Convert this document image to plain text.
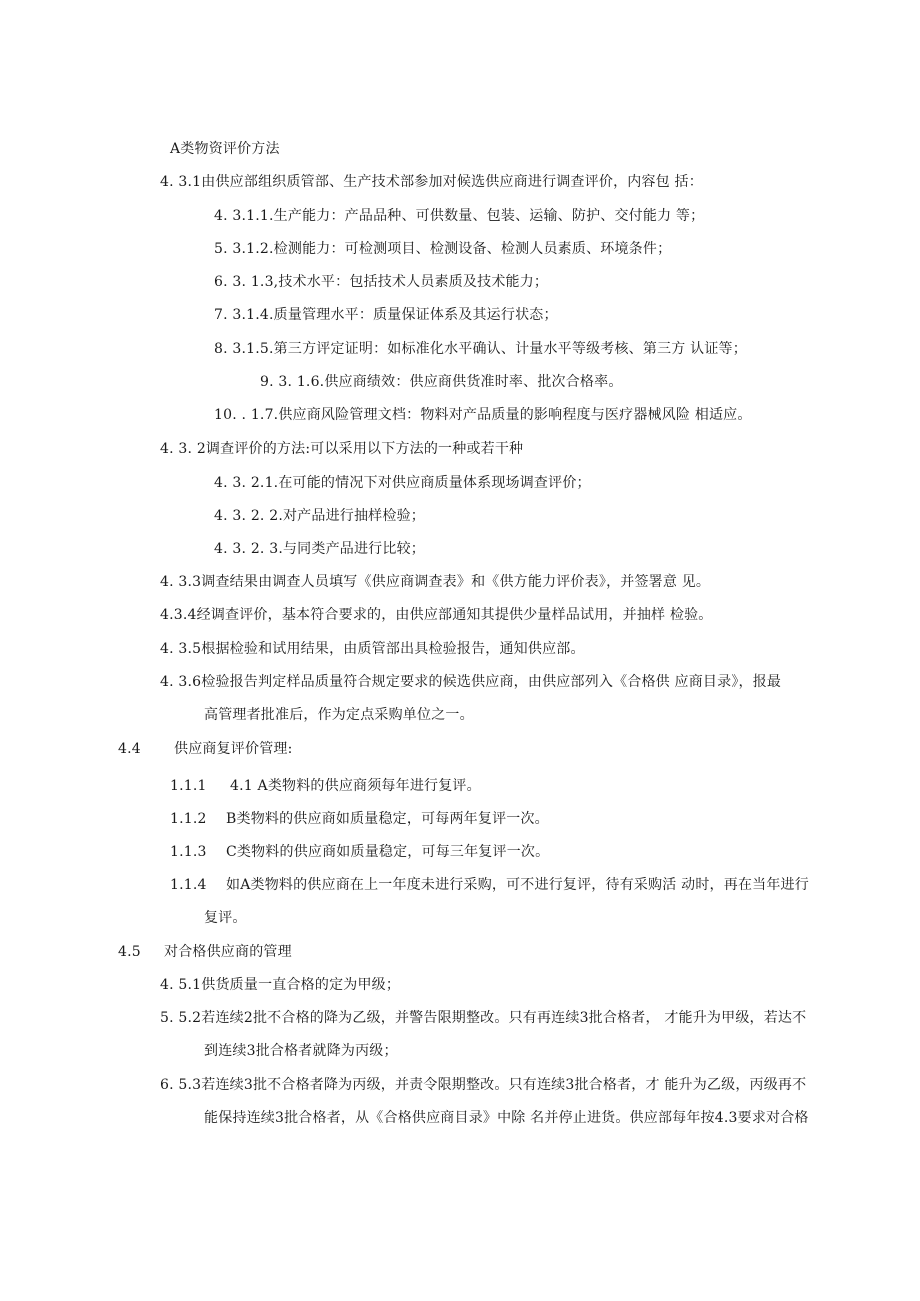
A类物资评价方法
4. 3.1由供应部组织质管部、生产技术部参加对候选供应商进行调查评价，内容包 括：
4. 3.1.1.生产能力：产品品种、可供数量、包装、运输、防护、交付能力 等；
5. 3.1.2.检测能力：可检测项目、检测设备、检测人员素质、环境条件；
6. 3. 1.3,技术水平：包括技术人员素质及技术能力；
7. 3.1.4.质量管理水平：质量保证体系及其运行状态；
8. 3.1.5.第三方评定证明：如标准化水平确认、计量水平等级考核、第三方 认证等；
9. 3. 1.6.供应商绩效：供应商供货准时率、批次合格率。
10. . 1.7.供应商风险管理文档：物料对产品质量的影响程度与医疗器械风险 相适应。
4. 3. 2调查评价的方法:可以采用以下方法的一种或若干种
4. 3. 2.1.在可能的情况下对供应商质量体系现场调查评价；
4. 3. 2. 2.对产品进行抽样检验；
4. 3. 2. 3.与同类产品进行比较；
4. 3.3调查结果由调查人员填写《供应商调查表》和《供方能力评价表》，并签署意 见。
4.3.4经调查评价，基本符合要求的，由供应部通知其提供少量样品试用，并抽样 检验。
4. 3.5根据检验和试用结果，由质管部出具检验报告，通知供应部。
4. 3.6检验报告判定样品质量符合规定要求的候选供应商，由供应部列入《合格供 应商目录》，报最
高管理者批准后，作为定点采购单位之一。
4.4 供应商复评价管理:
1.1.1 4.1 A类物料的供应商须每年进行复评。
1.1.2 B类物料的供应商如质量稳定，可每两年复评一次。
1.1.3 C类物料的供应商如质量稳定，可每三年复评一次。
1.1.4 如A类物料的供应商在上一年度未进行采购，可不进行复评，待有采购活 动时，再在当年进行
复评。
4.5 对合格供应商的管理
4. 5.1供货质量一直合格的定为甲级；
5. 5.2若连续2批不合格的降为乙级，并警告限期整改。只有再连续3批合格者， 才能升为甲级，若达不
到连续3批合格者就降为丙级；
6. 5.3若连续3批不合格者降为丙级，并责令限期整改。只有连续3批合格者，才 能升为乙级，丙级再不
能保持连续3批合格者，从《合格供应商目录》中除 名并停止进货。供应部每年按4.3要求对合格
